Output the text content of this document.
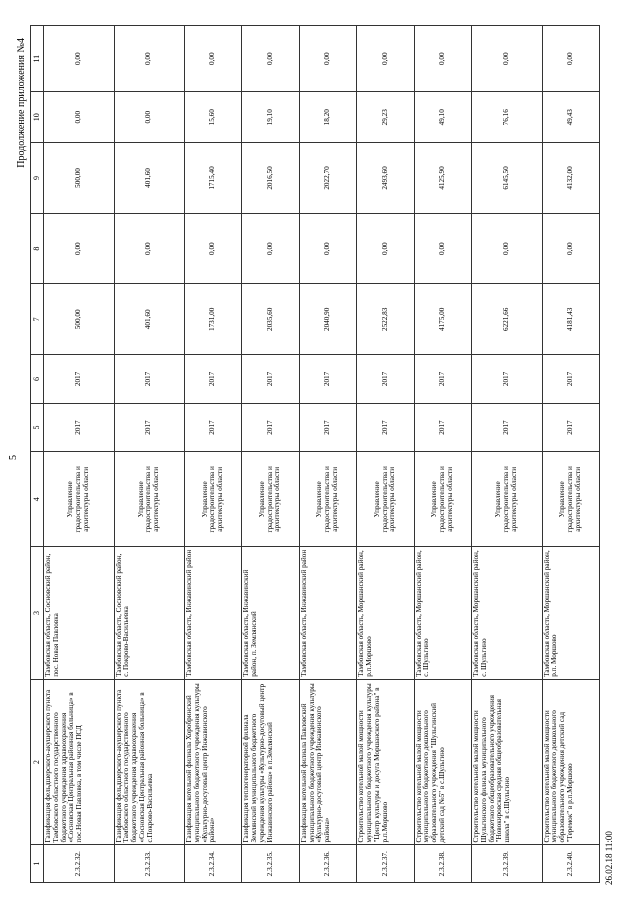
5
Продолжение приложения №4
1	2	3	4	5	6	7	8	9	10	11
2.3.2.32.	Газификация фельдшерского-акушерского пункта Тамбовского областного государственного бюджетного учреждения здравоохранения «Сосновская Центральная районная больница» в пос.Новая Павловка, в том числе ПСД	Тамбовская область, Сосновский район, пос. Новая Павловка	Управление градостроительства и архитектуры области	2017	2017	500,00	0,00	500,00	0,00	0,00
2.3.2.33.	Газификация фельдшерского-акушерского пункта Тамбовского областного государственного бюджетного учреждения здравоохранения «Сосновская Центральная районная больница» в с.Покрово-Васильевка	Тамбовская область, Сосновский район, с. Покрово-Васильевка	Управление градостроительства и архитектуры области	2017	2017	401,60	0,00	401,60	0,00	0,00
2.3.2.34.	Газификация котельной филиала Хоробринский муниципального бюджетного учреждения культуры «Культурно-досуговый центр Инжавинского района»	Тамбовская область, Инжавинский район	Управление градостроительства и архитектуры области	2017	2017	1731,00	0,00	1715,40	15,60	0,00
2.3.2.35.	Газификация теплогенераторной филиала Землянский муниципального бюджетного учреждения культуры «Культурно-досуговый центр Инжавинского района» в п.Землянский	Тамбовская область, Инжавинский район, п. Землянский	Управление градостроительства и архитектуры области	2017	2017	2035,60	0,00	2016,50	19,10	0,00
2.3.2.36.	Газификация котельной филиала Павловский муниципального бюджетного учреждения культуры «Культурно-досуговый центр Инжавинского района»	Тамбовская область, Инжавинский район	Управление градостроительства и архитектуры области	2017	2017	2040,90	0,00	2022,70	18,20	0,00
2.3.2.37.	Строительство котельной малой мощности муниципального бюджетного учреждения культуры "Центр культуры и досуга Моршанского района" в р.п.Моршово	Тамбовская область, Моршанский район, р.п.Моршово	Управление градостроительства и архитектуры области	2017	2017	2522,83	0,00	2493,60	29,23	0,00
2.3.2.38.	Строительство котельной малой мощности муниципального бюджетного дошкольного образовательного учреждения "Шульгинский детский сад №5" в с.Шульгино	Тамбовская область, Моршанский район, с. Шульгино	Управление градостроительства и архитектуры области	2017	2017	4175,00	0,00	4125,90	49,10	0,00
2.3.2.39.	Строительство котельной малой мощности Шульгинского филиала муниципального бюджетного общеобразовательного учреждения "Новокировская средняя общеобразовательная школа" в с.Шульгино	Тамбовская область, Моршанский район, с. Шульгино	Управление градостроительства и архитектуры области	2017	2017	6221,66	0,00	6145,50	76,16	0,00
2.3.2.40.	Строительство котельной малой мощности муниципального бюджетного дошкольного образовательного учреждения детский сад "Теремок" в р.п.Моршово	Тамбовская область, Моршанский район, р.п. Моршово	Управление градостроительства и архитектуры области	2017	2017	4181,43	0,00	4132,00	49,43	0,00
26.02.18 11:00
